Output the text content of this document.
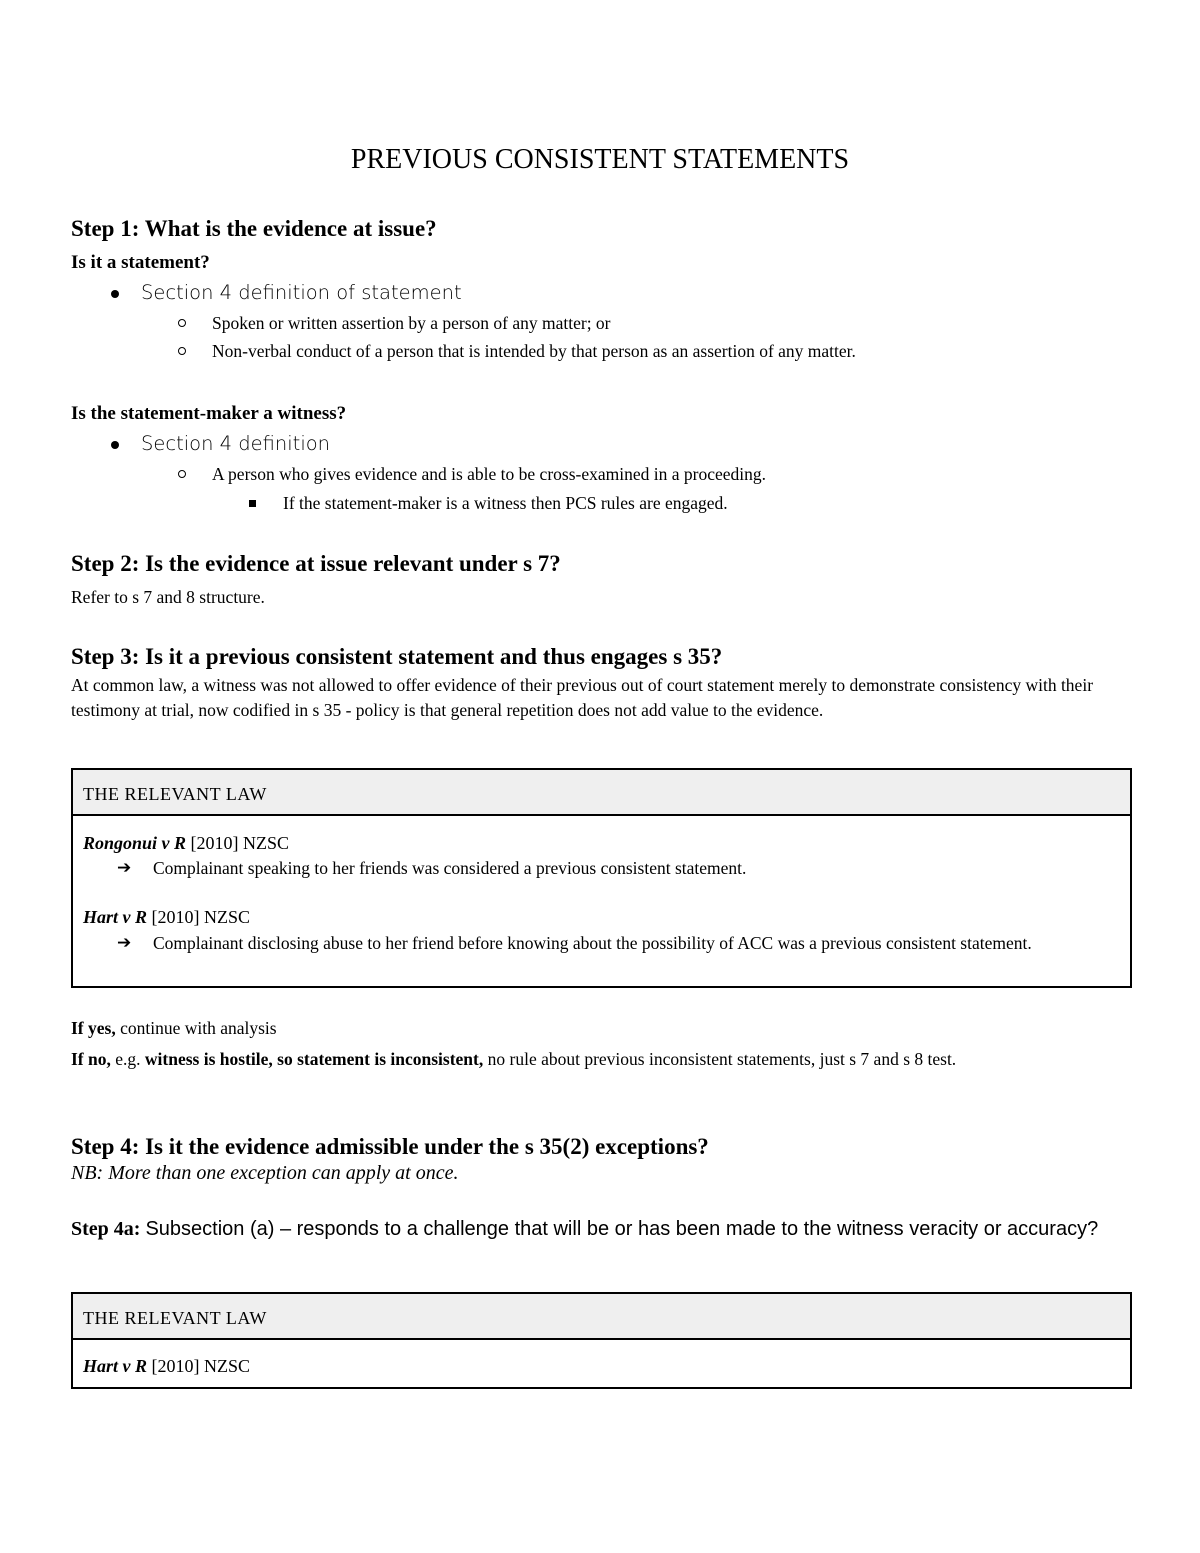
PREVIOUS CONSISTENT STATEMENTS
Step 1: What is the evidence at issue?

Is it a statement?

Section 4 definition of statement

Spoken or written assertion by a person of any matter; or

Non-verbal conduct of a person that is intended by that person as an assertion of any matter.

Is the statement-maker a witness?

Section 4 definition

A person who gives evidence and is able to be cross-examined in a proceeding.

If the statement-maker is a witness then PCS rules are engaged.

Step 2: Is the evidence at issue relevant under s 7?

Refer to s 7 and 8 structure.

Step 3: Is it a previous consistent statement and thus engages s 35?

At common law, a witness was not allowed to offer evidence of their previous out of court statement merely to demonstrate consistency with their testimony at trial, now codified in s 35 - policy is that general repetition does not add value to the evidence.

THE RELEVANT LAW
Rongonui v R [2010] NZSC
➔ Complainant speaking to her friends was considered a previous consistent statement.
Hart v R [2010] NZSC
➔ Complainant disclosing abuse to her friend before knowing about the possibility of ACC was a previous consistent statement.

If yes, continue with analysis

If no, e.g. witness is hostile, so statement is inconsistent, no rule about previous inconsistent statements, just s 7 and s 8 test.

Step 4: Is it the evidence admissible under the s 35(2) exceptions?

NB: More than one exception can apply at once.

Step 4a: Subsection (a) – responds to a challenge that will be or has been made to the witness veracity or accuracy?

THE RELEVANT LAW
Hart v R [2010] NZSC
